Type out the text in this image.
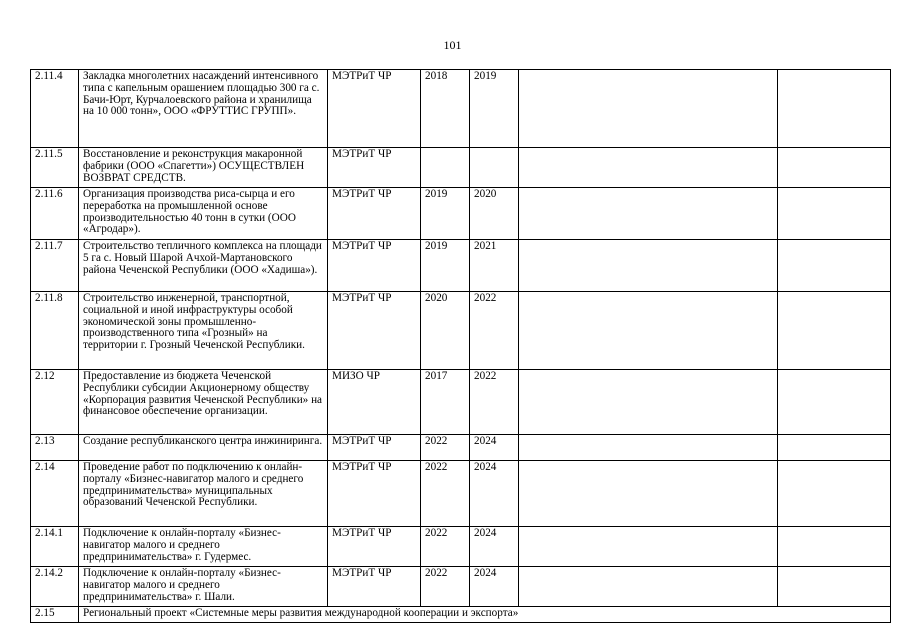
101
2.11.4	Закладка многолетних насаждений интенсивного типа с капельным орашением площадью 300 га с. Бачи-Юрт, Курчалоевского района и хранилища на 10 000 тонн», ООО «ФРУТТИС ГРУПП».	МЭТРиТ ЧР	2018	2019		
2.11.5	Восстановление и реконструкция макаронной фабрики (ООО «Спагетти») ОСУЩЕСТВЛЕН ВОЗВРАТ СРЕДСТВ.	МЭТРиТ ЧР				
2.11.6	Организация производства риса-сырца и его переработка на промышленной основе производительностью 40 тонн в сутки (ООО «Агродар»).	МЭТРиТ ЧР	2019	2020		
2.11.7	Строительство тепличного комплекса на площади 5 га с. Новый Шарой Ачхой-Мартановского района Чеченской Республики (ООО «Хадиша»).	МЭТРиТ ЧР	2019	2021		
2.11.8	Строительство инженерной, транспортной, социальной и иной инфраструктуры особой экономической зоны промышленно-производственного типа «Грозный» на территории г. Грозный Чеченской Республики.	МЭТРиТ ЧР	2020	2022		
2.12	Предоставление из бюджета Чеченской Республики субсидии Акционерному обществу «Корпорация развития Чеченской Республики» на финансовое обеспечение организации.	МИЗО ЧР	2017	2022		
2.13	Создание республиканского центра инжиниринга.	МЭТРиТ ЧР	2022	2024		
2.14	Проведение работ по подключению к онлайн-порталу «Бизнес-навигатор малого и среднего предпринимательства» муниципальных образований Чеченской Республики.	МЭТРиТ ЧР	2022	2024		
2.14.1	Подключение к онлайн-порталу «Бизнес-навигатор малого и среднего предпринимательства» г. Гудермес.	МЭТРиТ ЧР	2022	2024		
2.14.2	Подключение к онлайн-порталу «Бизнес-навигатор малого и среднего предпринимательства» г. Шали.	МЭТРиТ ЧР	2022	2024		
2.15	Региональный проект «Системные меры развития международной кооперации и экспорта»					
